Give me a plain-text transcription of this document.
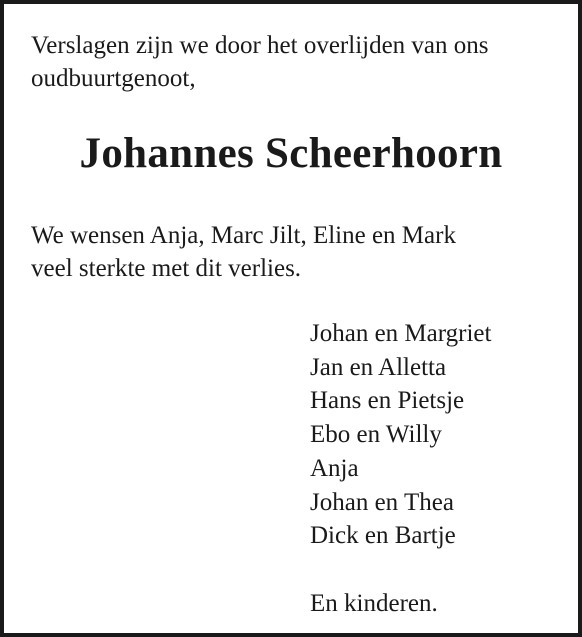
Verslagen zijn we door het overlijden van ons
oudbuurtgenoot,

Johannes Scheerhoorn

We wensen Anja, Marc Jilt, Eline en Mark
veel sterkte met dit verlies.

Johan en Margriet
Jan en Alletta
Hans en Pietsje
Ebo en Willy
Anja
Johan en Thea
Dick en Bartje

En kinderen.
